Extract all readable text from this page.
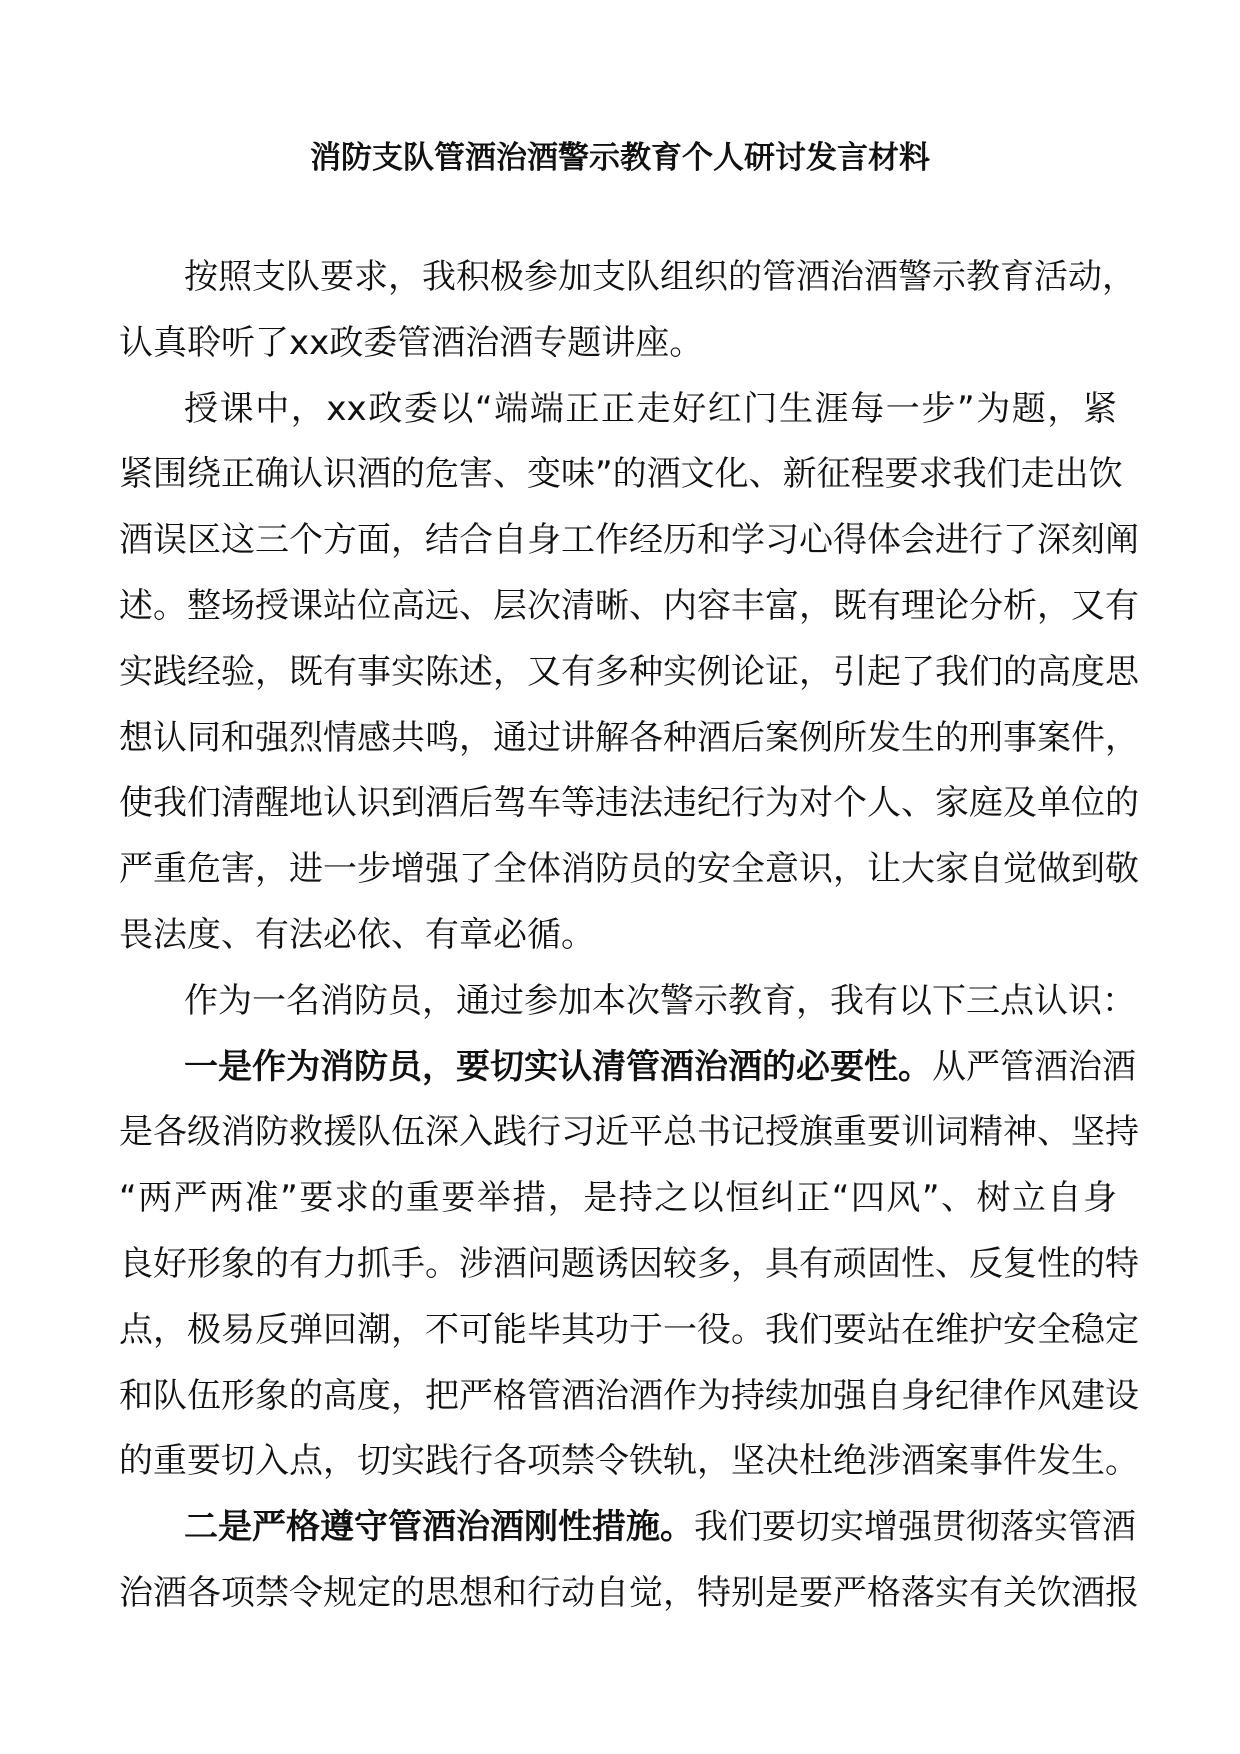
消防支队管酒治酒警示教育个人研讨发言材料
按照支队要求，我积极参加支队组织的管酒治酒警示教育活动，
认真聆听了xx政委管酒治酒专题讲座。
授课中，xx政委以“端端正正走好红门生涯每一步”为题，紧
紧围绕正确认识酒的危害、变味”的酒文化、新征程要求我们走出饮
酒误区这三个方面，结合自身工作经历和学习心得体会进行了深刻阐
述。整场授课站位高远、层次清晰、内容丰富，既有理论分析，又有
实践经验，既有事实陈述，又有多种实例论证，引起了我们的高度思
想认同和强烈情感共鸣，通过讲解各种酒后案例所发生的刑事案件，
使我们清醒地认识到酒后驾车等违法违纪行为对个人、家庭及单位的
严重危害，进一步增强了全体消防员的安全意识，让大家自觉做到敬
畏法度、有法必依、有章必循。
作为一名消防员，通过参加本次警示教育，我有以下三点认识：
一是作为消防员，要切实认清管酒治酒的必要性。从严管酒治酒
是各级消防救援队伍深入践行习近平总书记授旗重要训词精神、坚持
“两严两准”要求的重要举措，是持之以恒纠正“四风”、树立自身
良好形象的有力抓手。涉酒问题诱因较多，具有顽固性、反复性的特
点，极易反弹回潮，不可能毕其功于一役。我们要站在维护安全稳定
和队伍形象的高度，把严格管酒治酒作为持续加强自身纪律作风建设
的重要切入点，切实践行各项禁令铁轨，坚决杜绝涉酒案事件发生。
二是严格遵守管酒治酒刚性措施。我们要切实增强贯彻落实管酒
治酒各项禁令规定的思想和行动自觉，特别是要严格落实有关饮酒报
